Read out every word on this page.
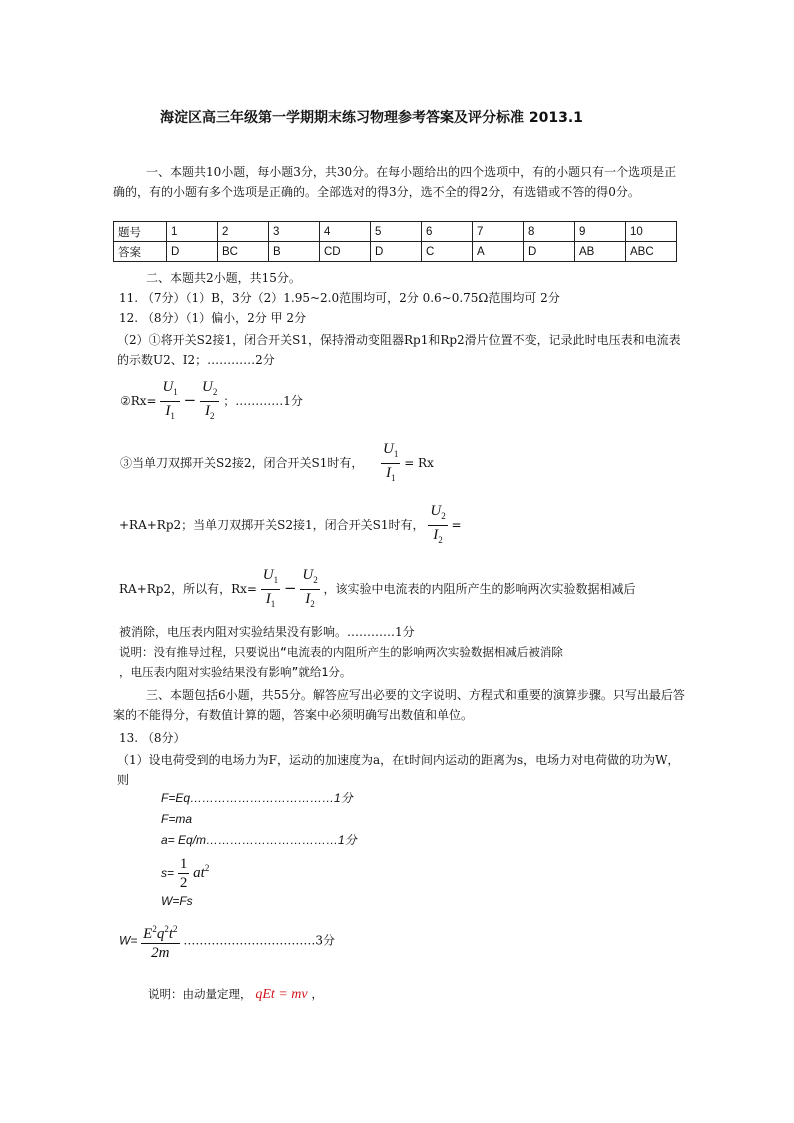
海淀区高三年级第一学期期末练习物理参考答案及评分标准 2013.1
一、本题共10小题，每小题3分，共30分。在每小题给出的四个选项中，有的小题只有一个选项是正确的，有的小题有多个选项是正确的。全部选对的得3分，选不全的得2分，有选错或不答的得0分。
题号	1	2	3	4	5	6	7	8	9	10
答案	D	BC	B	CD	D	C	A	D	AB	ABC
二、本题共2小题，共15分。
11. （7分）（1）B，3分（2）1.95~2.0范围均可，2分 0.6~0.75Ω范围均可 2分
12. （8分）（1）偏小，2分 甲 2分
（2）①将开关S2接1，闭合开关S1，保持滑动变阻器Rp1和Rp2滑片位置不变，记录此时电压表和电流表的示数U2、I2；…………2分
②Rx= $\frac{U_1}{I_1} - \frac{U_2}{I_2}$ ；…………1分
③当单刀双掷开关S2接2，闭合开关S1时有， $\frac{U_1}{I_1} = Rx$
+RA+Rp2；当单刀双掷开关S2接1，闭合开关S1时有， $\frac{U_2}{I_2}$ =
RA+Rp2，所以有，$Rx= \frac{U_1}{I_1} - \frac{U_2}{I_2}$ ，该实验中电流表的内阻所产生的影响两次实验数据相减后
被消除，电压表内阻对实验结果没有影响。…………1分
说明：没有推导过程，只要说出“电流表的内阻所产生的影响两次实验数据相减后被消除
，电压表内阻对实验结果没有影响”就给1分。
三、本题包括6小题，共55分。解答应写出必要的文字说明、方程式和重要的演算步骤。只写出最后答案的不能得分，有数值计算的题，答案中必须明确写出数值和单位。
13. （8分）
（1）设电荷受到的电场力为F，运动的加速度为a，在t时间内运动的距离为s，电场力对电荷做的功为W，则
F=Eq………………………………1分
F=ma
a= Eq/m……………………………1分
$s= \frac{1}{2} at^2$
W=Fs
$W= \frac{E^2q^2t^2}{2m}$ ……………………………3分
说明：由动量定理， qEt = mv ，
